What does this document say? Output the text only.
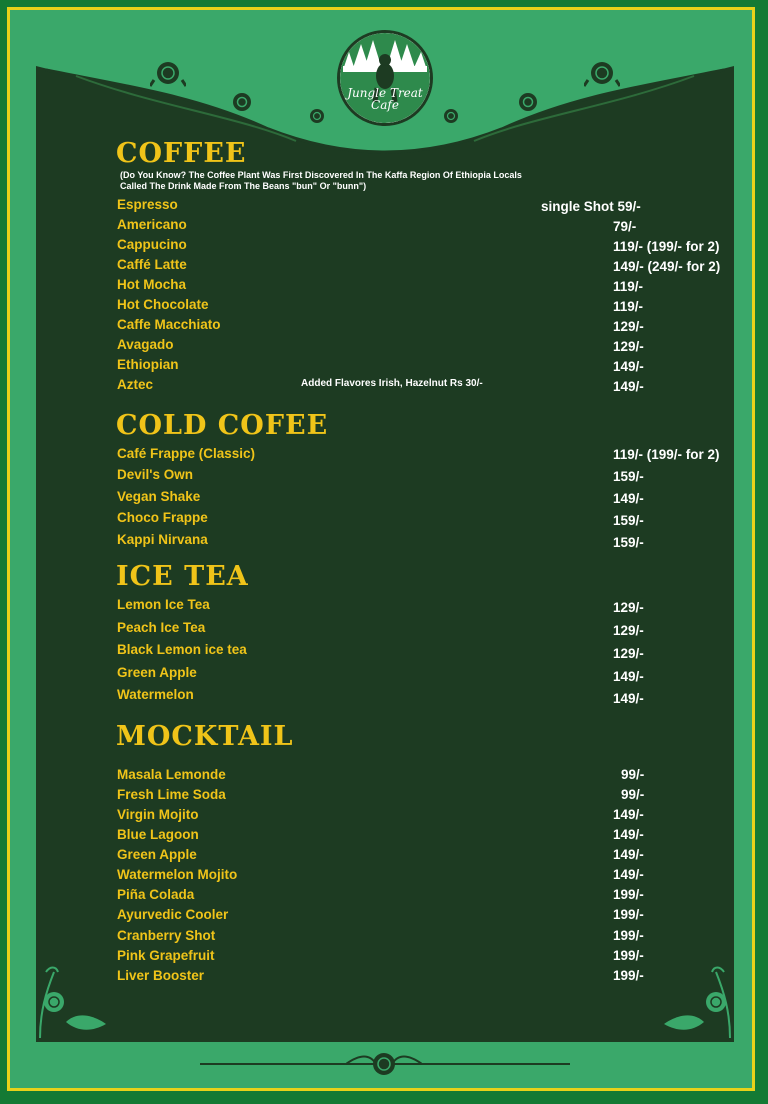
Jungle Treat
Cafe
COFFEE
(Do You Know? The Coffee Plant Was First Discovered In The Kaffa Region Of Ethiopia Locals
Called The Drink Made From The Beans "bun" Or "bunn")
Espresso	single Shot 59/-
Americano	79/-
Cappucino	119/- (199/- for 2)
Caffé Latte	149/- (249/- for 2)
Hot Mocha	119/-
Hot Chocolate	119/-
Caffe Macchiato	129/-
Avagado	129/-
Ethiopian	149/-
Aztec	Added Flavores Irish, Hazelnut Rs 30/-	149/-
COLD COFEE
Café Frappe (Classic)	119/- (199/- for 2)
Devil's Own	159/-
Vegan Shake	149/-
Choco Frappe	159/-
Kappi Nirvana	159/-
ICE TEA
Lemon Ice Tea	129/-
Peach Ice Tea	129/-
Black Lemon ice tea	129/-
Green Apple	149/-
Watermelon	149/-
MOCKTAIL
Masala Lemonde	99/-
Fresh Lime Soda	99/-
Virgin Mojito	149/-
Blue Lagoon	149/-
Green Apple	149/-
Watermelon Mojito	149/-
Piña Colada	199/-
Ayurvedic Cooler	199/-
Cranberry Shot	199/-
Pink Grapefruit	199/-
Liver Booster	199/-
